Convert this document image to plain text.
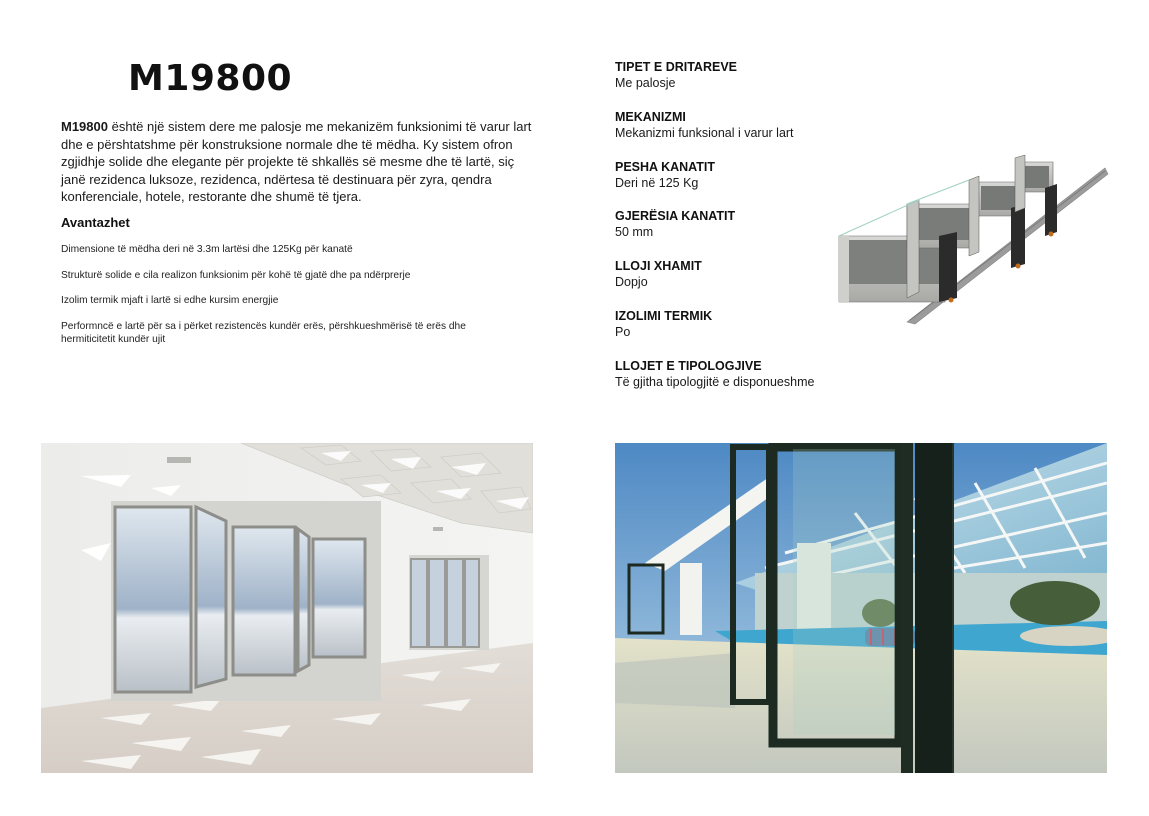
M19800
M19800 është një sistem dere me palosje me mekanizëm funksionimi të varur lart dhe e përshtatshme për konstruksione normale dhe të mëdha. Ky sistem ofron zgjidhje solide dhe elegante për projekte të shkallës së mesme dhe të lartë, siç janë rezidenca luksoze, rezidenca, ndërtesa të destinuara për zyra, qendra konferenciale, hotele, restorante dhe shumë të tjera.
Avantazhet
Dimensione të mëdha deri në 3.3m lartësi dhe 125Kg për kanatë
Strukturë solide e cila realizon funksionim për kohë të gjatë dhe pa ndërprerje
Izolim termik mjaft i lartë si edhe kursim energjie
Performncë e lartë për sa i përket rezistencës kundër erës, përshkueshmërisë të erës dhe hermiticitetit kundër ujit
TIPET E DRITAREVE
Me palosje
MEKANIZMI
Mekanizmi funksional i varur lart
PESHA KANATIT
Deri në 125 Kg
GJERËSIA KANATIT
50 mm
LLOJI XHAMIT
Dopjo
IZOLIMI TERMIK
Po
LLOJET E TIPOLOGJIVE
Të gjitha tipologjitë e disponueshme
